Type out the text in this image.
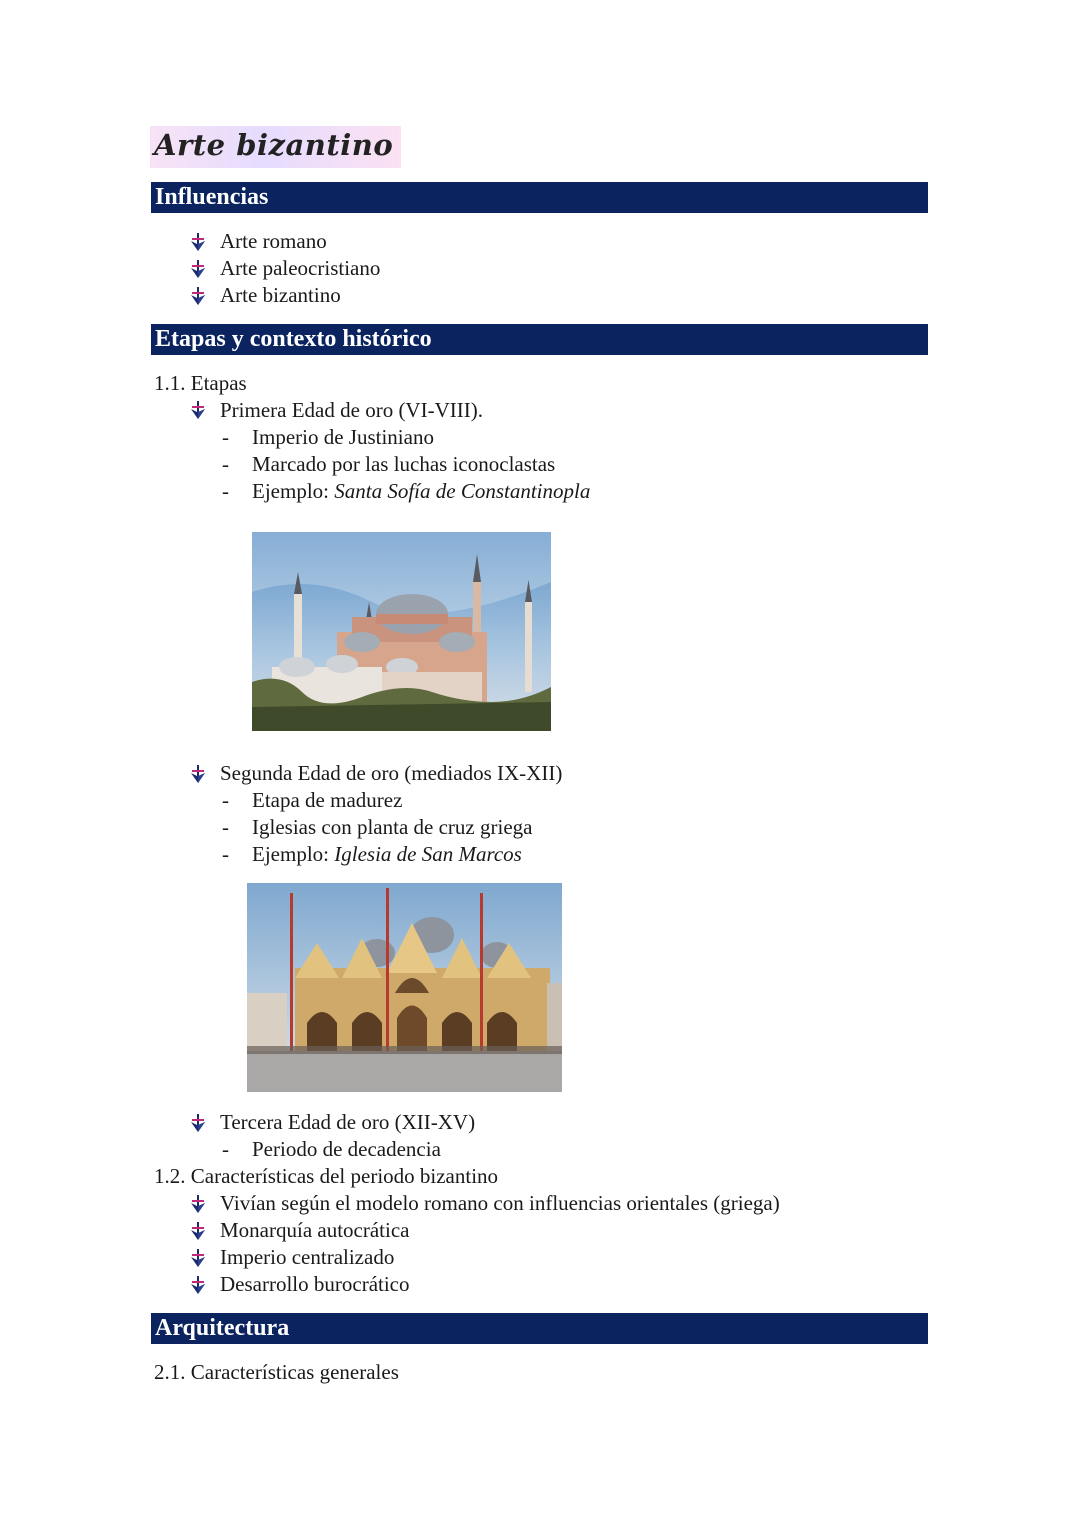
Arte bizantino
Influencias
Arte romano
Arte paleocristiano
Arte bizantino
Etapas y contexto histórico
1.1. Etapas
Primera Edad de oro (VI-VIII).
- Imperio de Justiniano
- Marcado por las luchas iconoclastas
- Ejemplo: Santa Sofía de Constantinopla
Segunda Edad de oro (mediados IX-XII)
- Etapa de madurez
- Iglesias con planta de cruz griega
- Ejemplo: Iglesia de San Marcos
Tercera Edad de oro (XII-XV)
- Periodo de decadencia
1.2. Características del periodo bizantino
Vivían según el modelo romano con influencias orientales (griega)
Monarquía autocrática
Imperio centralizado
Desarrollo burocrático
Arquitectura
2.1. Características generales
